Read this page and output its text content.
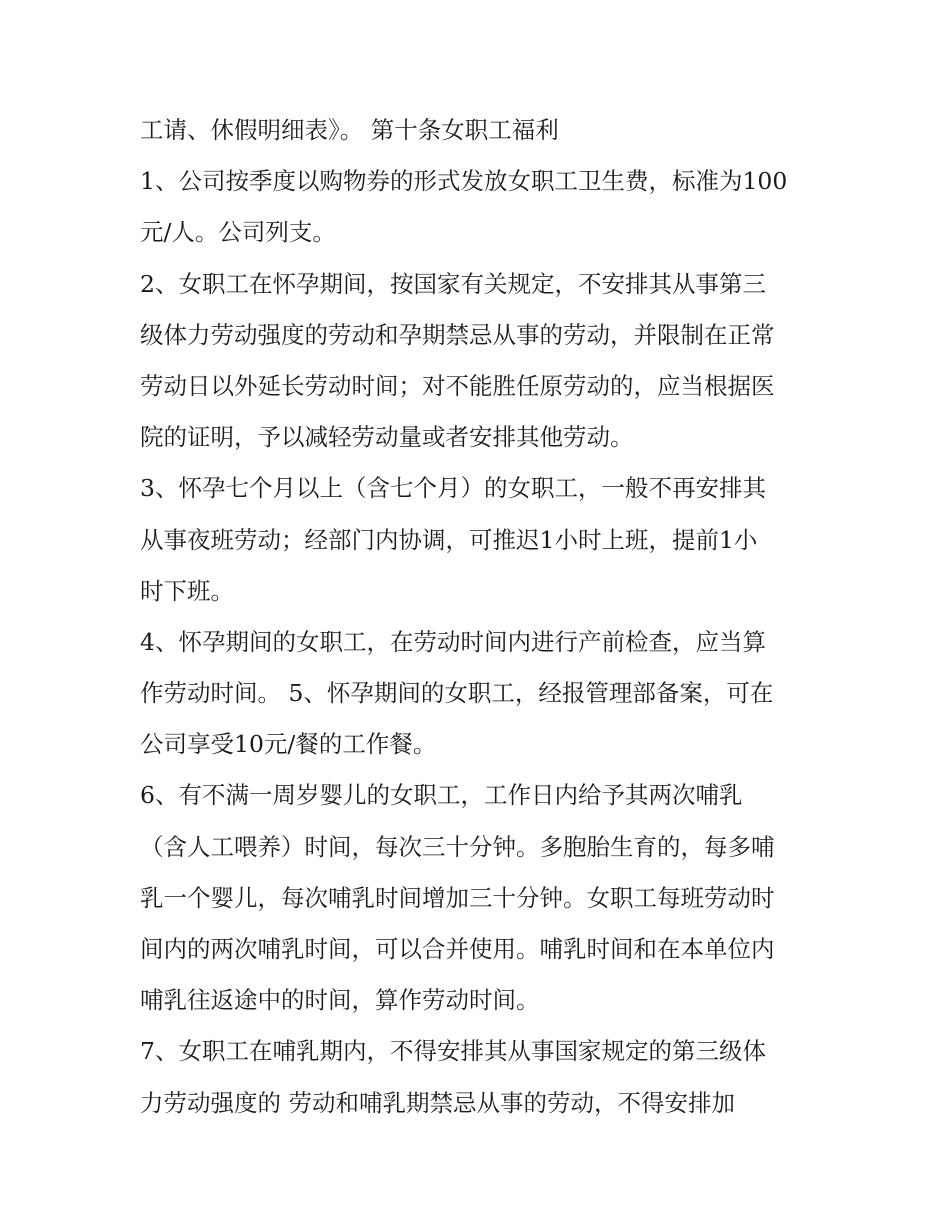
工请、休假明细表》。 第十条女职工福利
1、公司按季度以购物券的形式发放女职工卫生费，标准为100
元/人。公司列支。
2、女职工在怀孕期间，按国家有关规定，不安排其从事第三
级体力劳动强度的劳动和孕期禁忌从事的劳动，并限制在正常
劳动日以外延长劳动时间；对不能胜任原劳动的，应当根据医
院的证明，予以减轻劳动量或者安排其他劳动。
3、怀孕七个月以上（含七个月）的女职工，一般不再安排其
从事夜班劳动；经部门内协调，可推迟1小时上班，提前1小
时下班。
4、怀孕期间的女职工，在劳动时间内进行产前检查，应当算
作劳动时间。 5、怀孕期间的女职工，经报管理部备案，可在
公司享受10元/餐的工作餐。
6、有不满一周岁婴儿的女职工，工作日内给予其两次哺乳
（含人工喂养）时间，每次三十分钟。多胞胎生育的，每多哺
乳一个婴儿，每次哺乳时间增加三十分钟。女职工每班劳动时
间内的两次哺乳时间，可以合并使用。哺乳时间和在本单位内
哺乳往返途中的时间，算作劳动时间。
7、女职工在哺乳期内，不得安排其从事国家规定的第三级体
力劳动强度的 劳动和哺乳期禁忌从事的劳动，不得安排加
